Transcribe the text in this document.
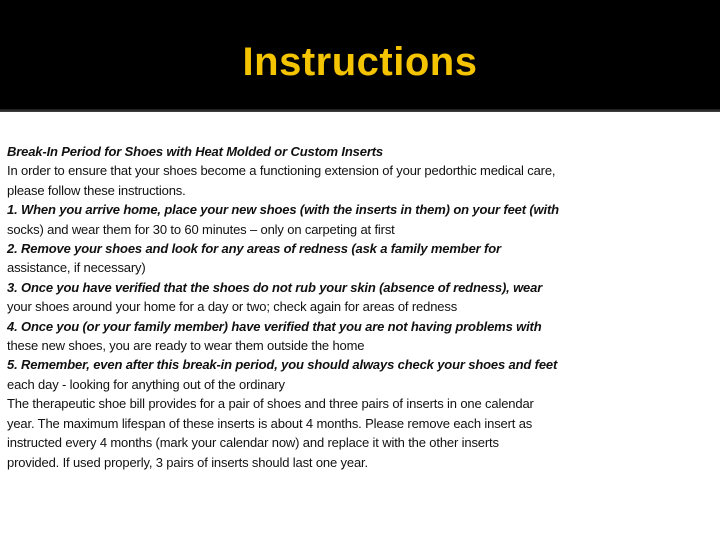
Instructions

Break-In Period for Shoes with Heat Molded or Custom Inserts

In order to ensure that your shoes become a functioning extension of your pedorthic medical care,

please follow these instructions.

1. When you arrive home, place your new shoes (with the inserts in them) on your feet (with

socks) and wear them for 30 to 60 minutes – only on carpeting at first

2. Remove your shoes and look for any areas of redness (ask a family member for

assistance, if necessary)

3. Once you have verified that the shoes do not rub your skin (absence of redness), wear

your shoes around your home for a day or two; check again for areas of redness

4. Once you (or your family member) have verified that you are not having problems with

these new shoes, you are ready to wear them outside the home

5. Remember, even after this break-in period, you should always check your shoes and feet

each day - looking for anything out of the ordinary

The therapeutic shoe bill provides for a pair of shoes and three pairs of inserts in one calendar

year. The maximum lifespan of these inserts is about 4 months. Please remove each insert as

instructed every 4 months (mark your calendar now) and replace it with the other inserts

provided. If used properly, 3 pairs of inserts should last one year.
